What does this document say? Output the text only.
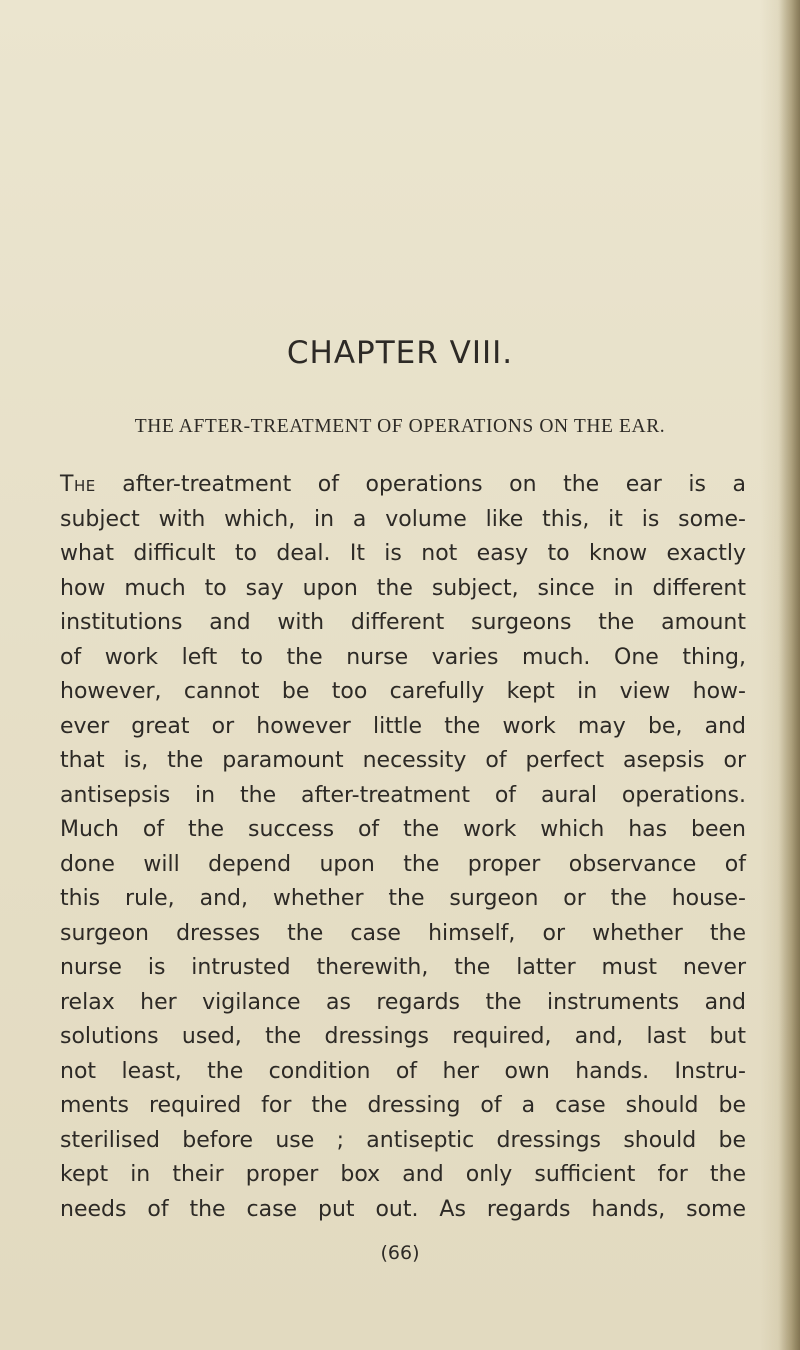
CHAPTER VIII.
THE AFTER-TREATMENT OF OPERATIONS ON THE EAR.
The after-treatment of operations on the ear is a
subject with which, in a volume like this, it is some-
what difficult to deal. It is not easy to know exactly
how much to say upon the subject, since in different
institutions and with different surgeons the amount
of work left to the nurse varies much. One thing,
however, cannot be too carefully kept in view how-
ever great or however little the work may be, and
that is, the paramount necessity of perfect asepsis or
antisepsis in the after-treatment of aural operations.
Much of the success of the work which has been
done will depend upon the proper observance of
this rule, and, whether the surgeon or the house-
surgeon dresses the case himself, or whether the
nurse is intrusted therewith, the latter must never
relax her vigilance as regards the instruments and
solutions used, the dressings required, and, last but
not least, the condition of her own hands. Instru-
ments required for the dressing of a case should be
sterilised before use ; antiseptic dressings should be
kept in their proper box and only sufficient for the
needs of the case put out. As regards hands, some
(66)
